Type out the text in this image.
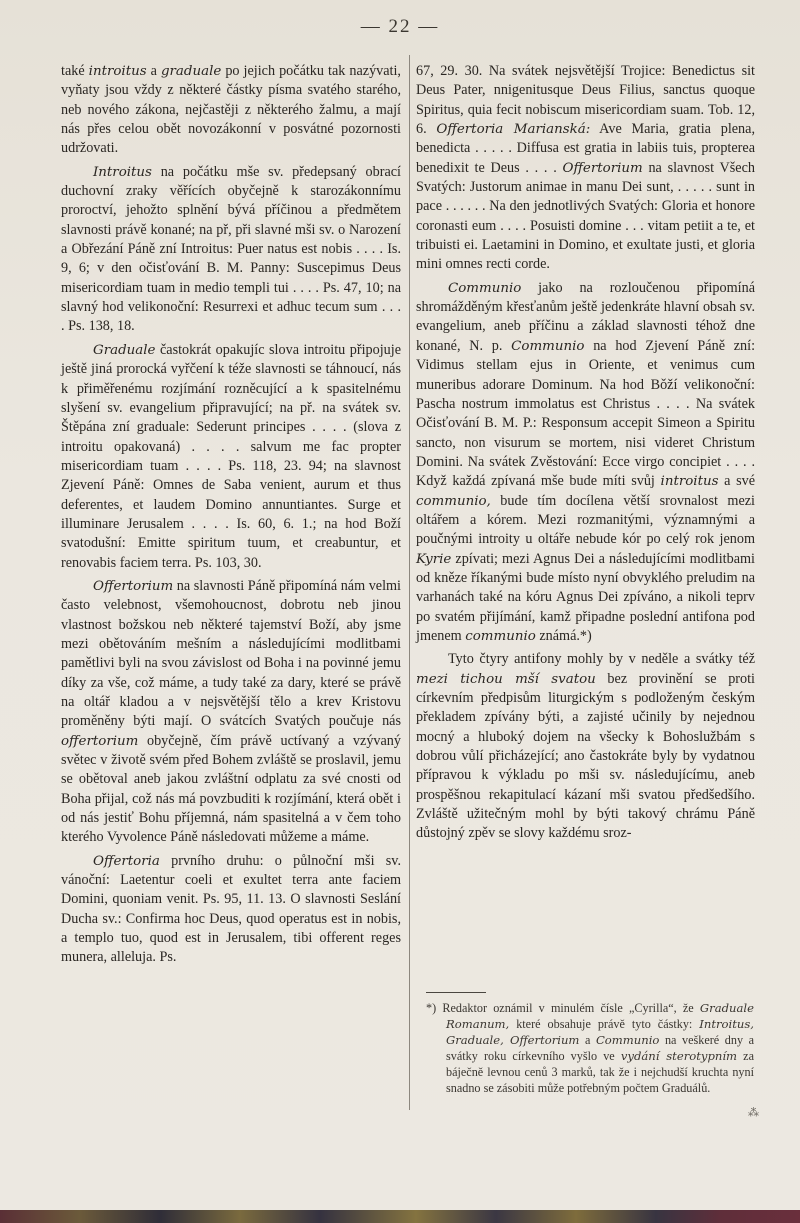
— 22 —

také introitus a graduale po jejich počátku tak nazývati, vyňaty jsou vždy z některé částky písma svatého starého, neb nového zákona, nejčastěji z některého žalmu, a mají nás přes celou obět novozákonní v posvátné pozornosti udržovati.

Introitus na počátku mše sv. předepsaný obrací duchovní zraky věřících obyčejně k starozákonnímu proroctví, jehožto splnění bývá příčinou a předmětem slavnosti právě konané; na př, při slavné mši sv. o Narození a Obřezání Páně zní Introitus: Puer natus est nobis . . . . Is. 9, 6; v den očisťování B. M. Panny: Suscepimus Deus misericordiam tuam in medio templi tui . . . . Ps. 47, 10; na slavný hod velikonoční: Resurrexi et adhuc tecum sum . . . . Ps. 138, 18.

Graduale častokrát opakujíc slova introitu připojuje ještě jiná prorocká vyřčení k téže slavnosti se táhnoucí, nás k přiměřenému rozjímání rozněcující a k spasitelnému slyšení sv. evangelium připravující; na př. na svátek sv. Štěpána zní graduale: Sederunt principes . . . . (slova z introitu opakovaná) . . . . salvum me fac propter misericordiam tuam . . . . Ps. 118, 23. 94; na slavnost Zjevení Páně: Omnes de Saba venient, aurum et thus deferentes, et laudem Domino annuntiantes. Surge et illuminare Jerusalem . . . . Is. 60, 6. 1.; na hod Boží svatodušní: Emitte spiritum tuum, et creabuntur, et renovabis faciem terra. Ps. 103, 30.

Offertorium na slavnosti Páně připomíná nám velmi často velebnost, všemohoucnost, dobrotu neb jinou vlastnost božskou neb některé tajemství Boží, aby jsme mezi obětováním mešním a následujícími modlitbami pamětlivi byli na svou závislost od Boha i na povinné jemu díky za vše, což máme, a tudy také za dary, které se právě na oltář kladou a v nejsvětější tělo a krev Kristovu proměněny býti mají. O svátcích Svatých poučuje nás offertorium obyčejně, čím právě uctívaný a vzývaný světec v životě svém před Bohem zvláště se proslavil, jemu se obětoval aneb jakou zvláštní odplatu za své cnosti od Boha přijal, což nás má povzbuditi k rozjímání, která obět i od nás jestiť Bohu příjemná, nám spasitelná a v čem toho kterého Vyvolence Páně následovati můžeme a máme.

Offertoria prvního druhu: o půlnoční mši sv. vánoční: Laetentur coeli et exultet terra ante faciem Domini, quoniam venit. Ps. 95, 11. 13. O slavnosti Seslání Ducha sv.: Confirma hoc Deus, quod operatus est in nobis, a templo tuo, quod est in Jerusalem, tibi offerent reges munera, alleluja. Ps.

67, 29. 30. Na svátek nejsvětější Trojice: Benedictus sit Deus Pater, nnigenitusque Deus Filius, sanctus quoque Spiritus, quia fecit nobiscum misericordiam suam. Tob. 12, 6. Offertoria Marianská: Ave Maria, gratia plena, benedicta . . . . . Diffusa est gratia in labiis tuis, propterea benedixit te Deus . . . . Offertorium na slavnost Všech Svatých: Justorum animae in manu Dei sunt, . . . . . sunt in pace . . . . . . Na den jednotlivých Svatých: Gloria et honore coronasti eum . . . . Posuisti domine . . . vitam petiit a te, et tribuisti ei. Laetamini in Domino, et exultate justi, et gloria mini omnes recti corde.

Communio jako na rozloučenou připomíná shromážděným křesťanům ještě jedenkráte hlavní obsah sv. evangelium, aneb příčinu a základ slavnosti téhož dne konané, N. p. Communio na hod Zjevení Páně zní: Vidimus stellam ejus in Oriente, et venimus cum muneribus adorare Dominum. Na hod Bǒží velikonoční: Pascha nostrum immolatus est Christus . . . . Na svátek Očisťování B. M. P.: Responsum accepit Simeon a Spiritu sancto, non visurum se mortem, nisi videret Christum Domini. Na svátek Zvěstování: Ecce virgo concipiet . . . . Když každá zpívaná mše bude míti svůj introitus a své communio, bude tím docílena větší srovnalost mezi oltářem a kórem. Mezi rozmanitými, významnými a poučnými introity u oltáře nebude kór po celý rok jenom Kyrie zpívati; mezi Agnus Dei a následujícími modlitbami od kněze říkanými bude místo nyní obvyklého preludim na varhanách také na kóru Agnus Dei zpíváno, a nikoli teprv po svatém přijímání, kamž připadne poslední antifona pod jmenem communio známá.*)

Tyto čtyry antifony mohly by v neděle a svátky též mezi tichou mší svatou bez provinění se proti církevním předpisům liturgickým s podloženým českým překladem zpívány býti, a zajisté učinily by nejednou mocný a hluboký dojem na všecky k Bohoslužbám s dobrou vůlí přicházející; ano častokráte byly by vydatnou přípravou k výkladu po mši sv. následujícímu, aneb prospěšnou rekapitulací kázaní mši svatou předšedšího. Zvláště užitečným mohl by býti takový chrámu Páně důstojný zpěv se slovy každému sroz-

*) Redaktor oznámil v minulém čísle „Cyrilla“, že Graduale Romanum, které obsahuje právě tyto částky: Introitus, Graduale, Offertorium a Communio na veškeré dny a svátky roku církevního vyšlo ve vydání sterotypním za báječně levnou cenů 3 marků, tak že i nejchudší kruchta nyní snadno se zásobiti může potřebným počtem Graduálů.
⁂
